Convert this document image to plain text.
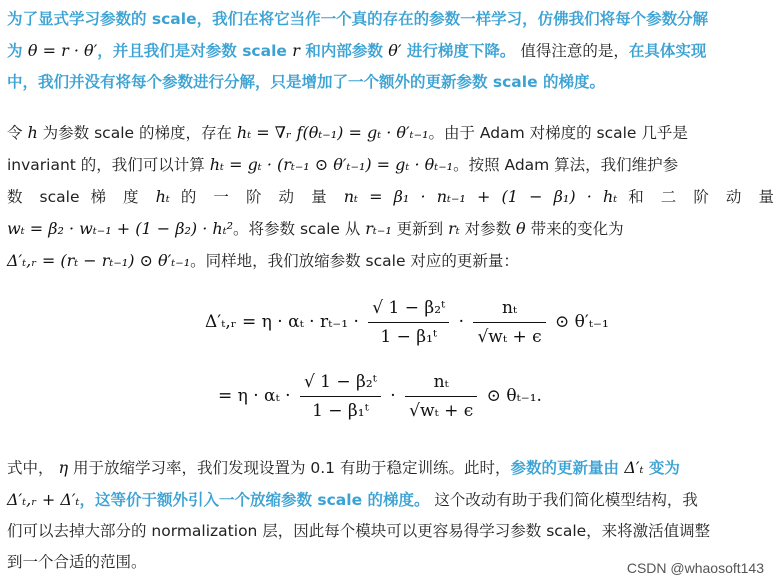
为了显式学习参数的 scale，我们在将它当作一个真的存在的参数一样学习，仿佛我们将每个参数分解
为 θ = r · θ′，并且我们是对参数 scale r 和内部参数 θ′ 进行梯度下降。 值得注意的是，在具体实现
中，我们并没有将每个参数进行分解，只是增加了一个额外的更新参数 scale 的梯度。
令 h 为参数 scale 的梯度，存在 hₜ = ∇ᵣ f(θₜ₋₁) = gₜ · θ′ₜ₋₁。由于 Adam 对梯度的 scale 几乎是
invariant 的，我们可以计算 hₜ = gₜ · (rₜ₋₁ ⊙ θ′ₜ₋₁) = gₜ · θₜ₋₁。按照 Adam 算法，我们维护参
数 scale 梯 度 hₜ 的 一 阶 动 量 nₜ = β₁ · nₜ₋₁ + (1 − β₁) · hₜ 和 二 阶 动 量
wₜ = β₂ · wₜ₋₁ + (1 − β₂) · hₜ²。将参数 scale 从 rₜ₋₁ 更新到 rₜ 对参数 θ 带来的变化为
Δ′ₜ,ᵣ = (rₜ − rₜ₋₁) ⊙ θ′ₜ₋₁。同样地，我们放缩参数 scale 对应的更新量：
Δ′ₜ,ᵣ = $\eta \cdot \alpha_t \cdot r_{t-1} \cdot \frac{\text{√ 1 − β₂ᵗ}}{\text{1 − β₁ᵗ}} \cdot \frac{\text{nₜ}}{\text{√wₜ + ϵ}}$ ⊙ θ′ₜ₋₁
= $\eta \cdot \alpha_t \cdot \frac{\text{√ 1 − β₂ᵗ}}{\text{1 − β₁ᵗ}} \cdot \frac{\text{nₜ}}{\text{√wₜ + ϵ}}$ ⊙ θₜ₋₁.
式中， η 用于放缩学习率，我们发现设置为 0.1 有助于稳定训练。此时，参数的更新量由 Δ′ₜ 变为
Δ′ₜ,ᵣ + Δ′ₜ，这等价于额外引入一个放缩参数 scale 的梯度。 这个改动有助于我们简化模型结构，我
们可以去掉大部分的 normalization 层，因此每个模块可以更容易得学习参数 scale，来将激活值调整
到一个合适的范围。	CSDN @whaosoft143
